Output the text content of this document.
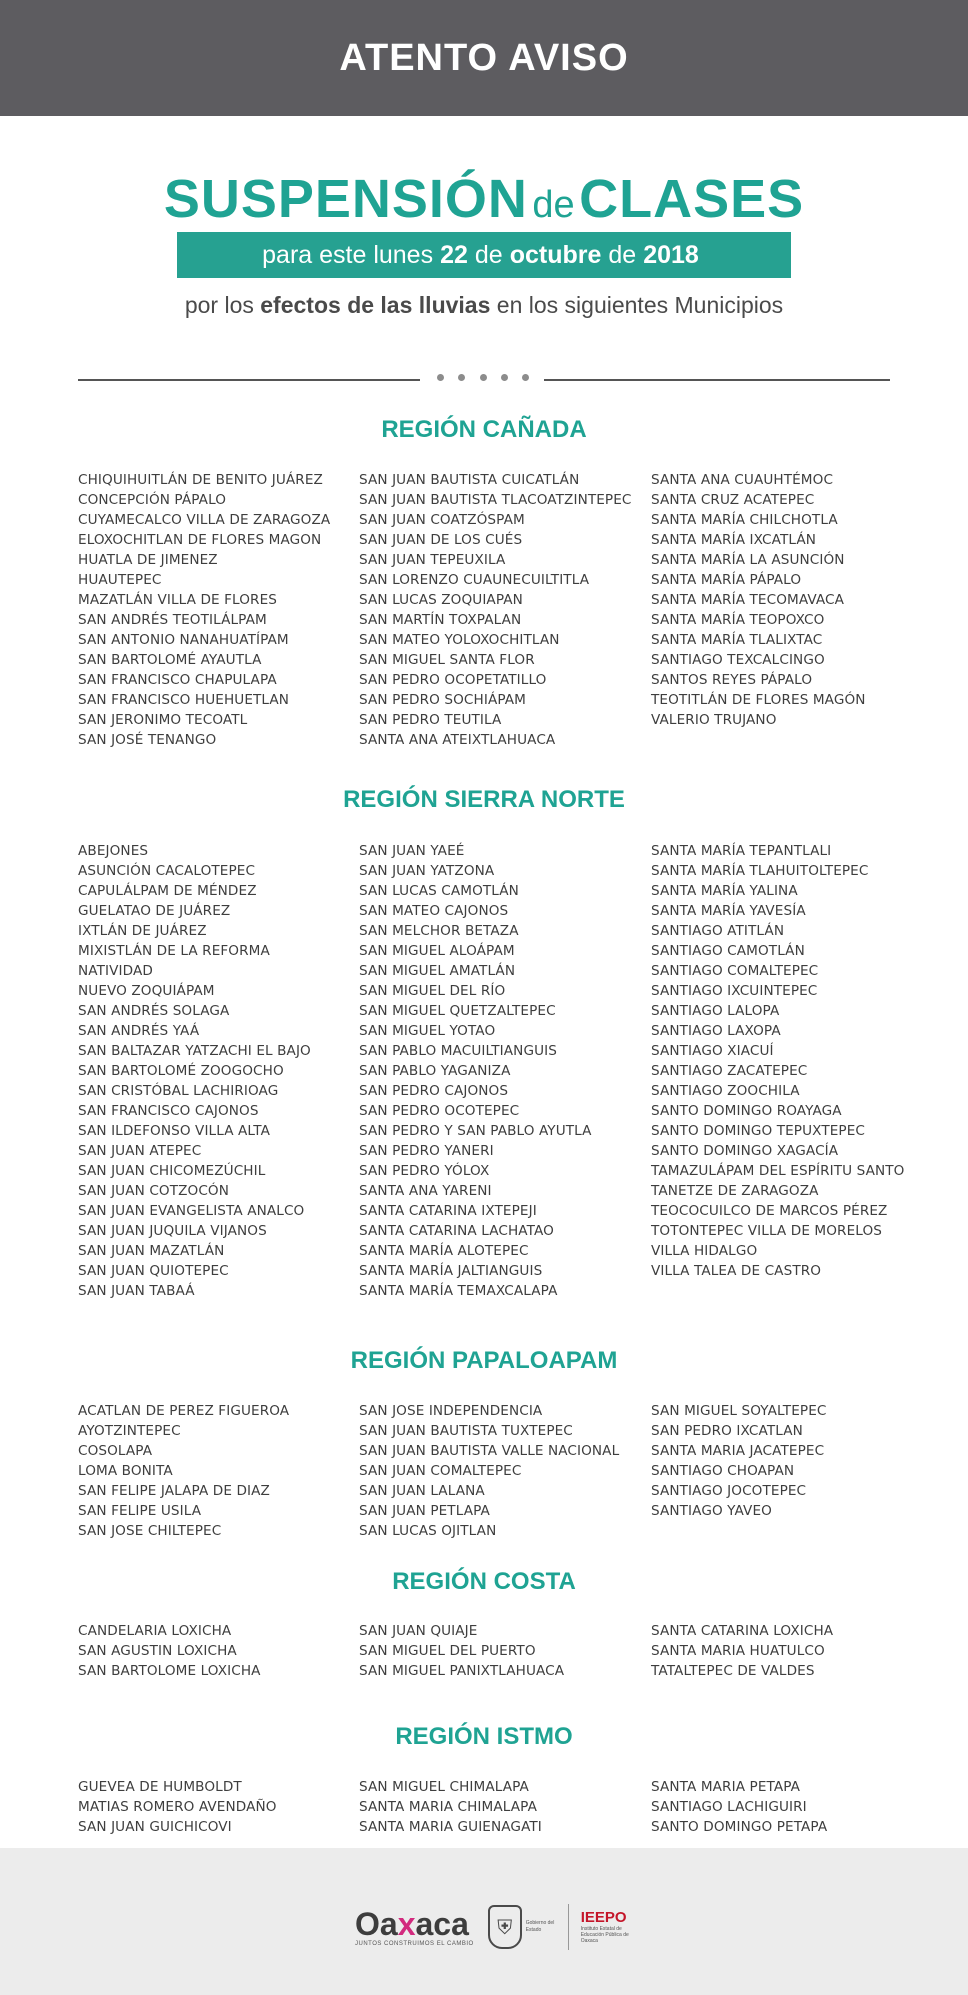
ATENTO AVISO
SUSPENSIÓN de CLASES
para este lunes 22 de octubre de 2018
por los efectos de las lluvias en los siguientes Municipios
REGIÓN CAÑADA
CHIQUIHUITLÁN DE BENITO JUÁREZ
CONCEPCIÓN PÁPALO
CUYAMECALCO VILLA DE ZARAGOZA
ELOXOCHITLAN DE FLORES MAGON
HUATLA DE JIMENEZ
HUAUTEPEC
MAZATLÁN VILLA DE FLORES
SAN ANDRÉS TEOTILÁLPAM
SAN ANTONIO NANAHUATÍPAM
SAN BARTOLOMÉ AYAUTLA
SAN FRANCISCO CHAPULAPA
SAN FRANCISCO HUEHUETLAN
SAN JERONIMO TECOATL
SAN JOSÉ TENANGO
SAN JUAN BAUTISTA CUICATLÁN
SAN JUAN BAUTISTA TLACOATZINTEPEC
SAN JUAN COATZÓSPAM
SAN JUAN DE LOS CUÉS
SAN JUAN TEPEUXILA
SAN LORENZO CUAUNECUILTITLA
SAN LUCAS ZOQUIAPAN
SAN MARTÍN TOXPALAN
SAN MATEO YOLOXOCHITLAN
SAN MIGUEL SANTA FLOR
SAN PEDRO OCOPETATILLO
SAN PEDRO SOCHIÁPAM
SAN PEDRO TEUTILA
SANTA ANA ATEIXTLAHUACA
SANTA ANA CUAUHTÉMOC
SANTA CRUZ ACATEPEC
SANTA MARÍA CHILCHOTLA
SANTA MARÍA IXCATLÁN
SANTA MARÍA LA ASUNCIÓN
SANTA MARÍA PÁPALO
SANTA MARÍA TECOMAVACA
SANTA MARÍA TEOPOXCO
SANTA MARÍA TLALIXTAC
SANTIAGO TEXCALCINGO
SANTOS REYES PÁPALO
TEOTITLÁN DE FLORES MAGÓN
VALERIO TRUJANO
REGIÓN SIERRA NORTE
ABEJONES
ASUNCIÓN CACALOTEPEC
CAPULÁLPAM DE MÉNDEZ
GUELATAO DE JUÁREZ
IXTLÁN DE JUÁREZ
MIXISTLÁN DE LA REFORMA
NATIVIDAD
NUEVO ZOQUIÁPAM
SAN ANDRÉS SOLAGA
SAN ANDRÉS YAÁ
SAN BALTAZAR YATZACHI EL BAJO
SAN BARTOLOMÉ ZOOGOCHO
SAN CRISTÓBAL LACHIRIOAG
SAN FRANCISCO CAJONOS
SAN ILDEFONSO VILLA ALTA
SAN JUAN ATEPEC
SAN JUAN CHICOMEZÚCHIL
SAN JUAN COTZOCÓN
SAN JUAN EVANGELISTA ANALCO
SAN JUAN JUQUILA VIJANOS
SAN JUAN MAZATLÁN
SAN JUAN QUIOTEPEC
SAN JUAN TABAÁ
SAN JUAN YAEÉ
SAN JUAN YATZONA
SAN LUCAS CAMOTLÁN
SAN MATEO CAJONOS
SAN MELCHOR BETAZA
SAN MIGUEL ALOÁPAM
SAN MIGUEL AMATLÁN
SAN MIGUEL DEL RÍO
SAN MIGUEL QUETZALTEPEC
SAN MIGUEL YOTAO
SAN PABLO MACUILTIANGUIS
SAN PABLO YAGANIZA
SAN PEDRO CAJONOS
SAN PEDRO OCOTEPEC
SAN PEDRO Y SAN PABLO AYUTLA
SAN PEDRO YANERI
SAN PEDRO YÓLOX
SANTA ANA YARENI
SANTA CATARINA IXTEPEJI
SANTA CATARINA LACHATAO
SANTA MARÍA ALOTEPEC
SANTA MARÍA JALTIANGUIS
SANTA MARÍA TEMAXCALAPA
SANTA MARÍA TEPANTLALI
SANTA MARÍA TLAHUITOLTEPEC
SANTA MARÍA YALINA
SANTA MARÍA YAVESÍA
SANTIAGO ATITLÁN
SANTIAGO CAMOTLÁN
SANTIAGO COMALTEPEC
SANTIAGO IXCUINTEPEC
SANTIAGO LALOPA
SANTIAGO LAXOPA
SANTIAGO XIACUÍ
SANTIAGO ZACATEPEC
SANTIAGO ZOOCHILA
SANTO DOMINGO ROAYAGA
SANTO DOMINGO TEPUXTEPEC
SANTO DOMINGO XAGACÍA
TAMAZULÁPAM DEL ESPÍRITU SANTO
TANETZE DE ZARAGOZA
TEOCOCUILCO DE MARCOS PÉREZ
TOTONTEPEC VILLA DE MORELOS
VILLA HIDALGO
VILLA TALEA DE CASTRO
REGIÓN PAPALOAPAM
ACATLAN DE PEREZ FIGUEROA
AYOTZINTEPEC
COSOLAPA
LOMA BONITA
SAN FELIPE JALAPA DE DIAZ
SAN FELIPE USILA
SAN JOSE CHILTEPEC
SAN JOSE INDEPENDENCIA
SAN JUAN BAUTISTA TUXTEPEC
SAN JUAN BAUTISTA VALLE NACIONAL
SAN JUAN COMALTEPEC
SAN JUAN LALANA
SAN JUAN PETLAPA
SAN LUCAS OJITLAN
SAN MIGUEL SOYALTEPEC
SAN PEDRO IXCATLAN
SANTA MARIA JACATEPEC
SANTIAGO CHOAPAN
SANTIAGO JOCOTEPEC
SANTIAGO YAVEO
REGIÓN COSTA
CANDELARIA LOXICHA
SAN AGUSTIN LOXICHA
SAN BARTOLOME LOXICHA
SAN JUAN QUIAJE
SAN MIGUEL DEL PUERTO
SAN MIGUEL PANIXTLAHUACA
SANTA CATARINA LOXICHA
SANTA MARIA HUATULCO
TATALTEPEC DE VALDES
REGIÓN ISTMO
GUEVEA DE HUMBOLDT
MATIAS ROMERO AVENDAÑO
SAN JUAN GUICHICOVI
SAN MIGUEL CHIMALAPA
SANTA MARIA CHIMALAPA
SANTA MARIA GUIENAGATI
SANTA MARIA PETAPA
SANTIAGO LACHIGUIRI
SANTO DOMINGO PETAPA
Oaxaca
JUNTOS CONSTRUIMOS EL CAMBIO
⛨	Gobierno del Estado
IEEPO
Instituto Estatal de Educación Pública de Oaxaca
